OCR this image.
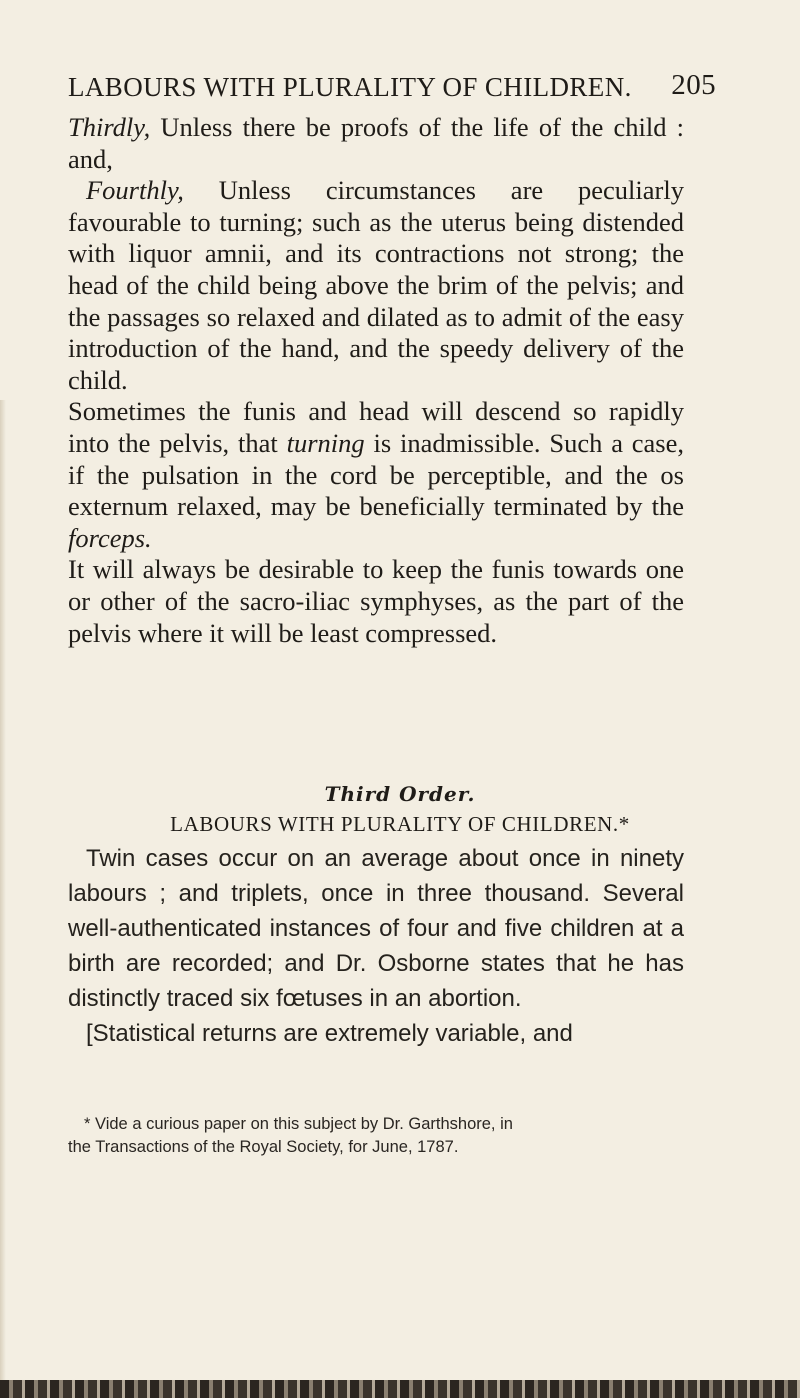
LABOURS WITH PLURALITY OF CHILDREN. 205

Thirdly, Unless there be proofs of the life of the child : and,

Fourthly, Unless circumstances are peculiarly favourable to turning; such as the uterus being distended with liquor amnii, and its contractions not strong; the head of the child being above the brim of the pelvis; and the passages so relaxed and dilated as to admit of the easy introduction of the hand, and the speedy delivery of the child.

Sometimes the funis and head will descend so rapidly into the pelvis, that turning is inadmissible. Such a case, if the pulsation in the cord be perceptible, and the os externum relaxed, may be beneficially terminated by the forceps.

It will always be desirable to keep the funis towards one or other of the sacro-iliac symphyses, as the part of the pelvis where it will be least compressed.

Third Order.
LABOURS WITH PLURALITY OF CHILDREN.*

Twin cases occur on an average about once in ninety labours ; and triplets, once in three thousand. Several well-authenticated instances of four and five children at a birth are recorded; and Dr. Osborne states that he has distinctly traced six fœtuses in an abortion.

[Statistical returns are extremely variable, and

* Vide a curious paper on this subject by Dr. Garthshore, in
the Transactions of the Royal Society, for June, 1787.
